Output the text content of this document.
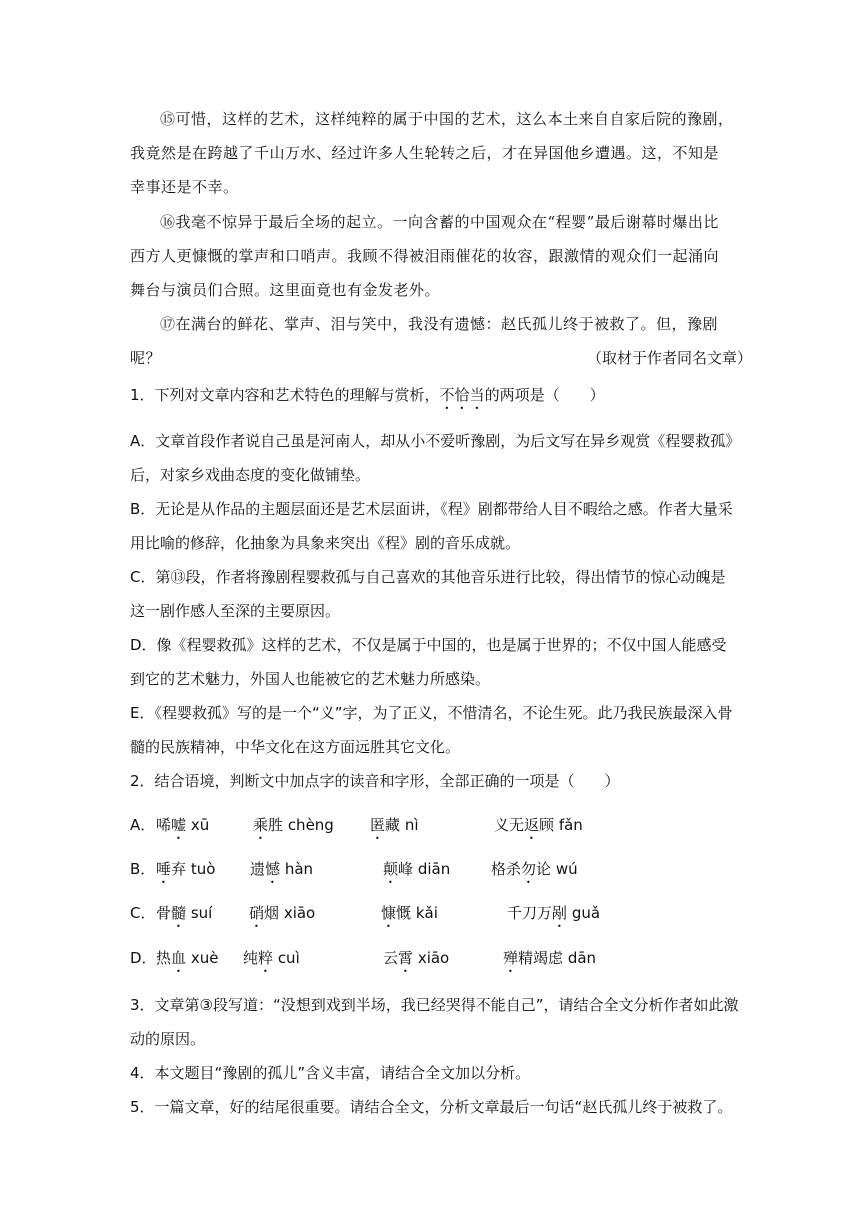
⑮可惜，这样的艺术，这样纯粹的属于中国的艺术，这么本土来自自家后院的豫剧，我竟然是在跨越了千山万水、经过许多人生轮转之后，才在异国他乡遭遇。这，不知是幸事还是不幸。
⑯我毫不惊异于最后全场的起立。一向含蓄的中国观众在“程婴”最后谢幕时爆出比西方人更慷慨的掌声和口哨声。我顾不得被泪雨催花的妆容，跟激情的观众们一起涌向舞台与演员们合照。这里面竟也有金发老外。
⑰在满台的鲜花、掌声、泪与笑中，我没有遗憾：赵氏孤儿终于被救了。但，豫剧呢？	（取材于作者同名文章）
1．下列对文章内容和艺术特色的理解与赏析，不恰当的两项是（　　）
A．文章首段作者说自己虽是河南人，却从小不爱听豫剧，为后文写在异乡观赏《程婴救孤》后，对家乡戏曲态度的变化做铺垫。
B．无论是从作品的主题层面还是艺术层面讲，《程》剧都带给人目不暇给之感。作者大量采用比喻的修辞，化抽象为具象来突出《程》剧的音乐成就。
C．第⑬段，作者将豫剧程婴救孤与自己喜欢的其他音乐进行比较，得出情节的惊心动魄是这一剧作感人至深的主要原因。
D．像《程婴救孤》这样的艺术，不仅是属于中国的，也是属于世界的；不仅中国人能感受到它的艺术魅力，外国人也能被它的艺术魅力所感染。
E．《程婴救孤》写的是一个“义”字，为了正义，不惜清名，不论生死。此乃我民族最深入骨髓的民族精神，中华文化在这方面远胜其它文化。
2．结合语境，判断文中加点字的读音和字形，全部正确的一项是（　　）
A． 唏嘘 xū	乘胜 chèng 匿藏 nì	义无返顾 fǎn
B． 唾弃 tuò 遗憾 hàn	颠峰 diān	格杀勿论 wú
C． 骨髓 suí 硝烟 xiāo	慷慨 kǎi	千刀万剐 guǎ
D． 热血 xuè 纯粹 cuì	云霄 xiāo	殚精竭虑 dān
3．文章第③段写道：“没想到戏到半场，我已经哭得不能自己”，请结合全文分析作者如此激动的原因。
4．本文题目“豫剧的孤儿”含义丰富，请结合全文加以分析。
5．一篇文章，好的结尾很重要。请结合全文，分析文章最后一句话“赵氏孤儿终于被救了。
